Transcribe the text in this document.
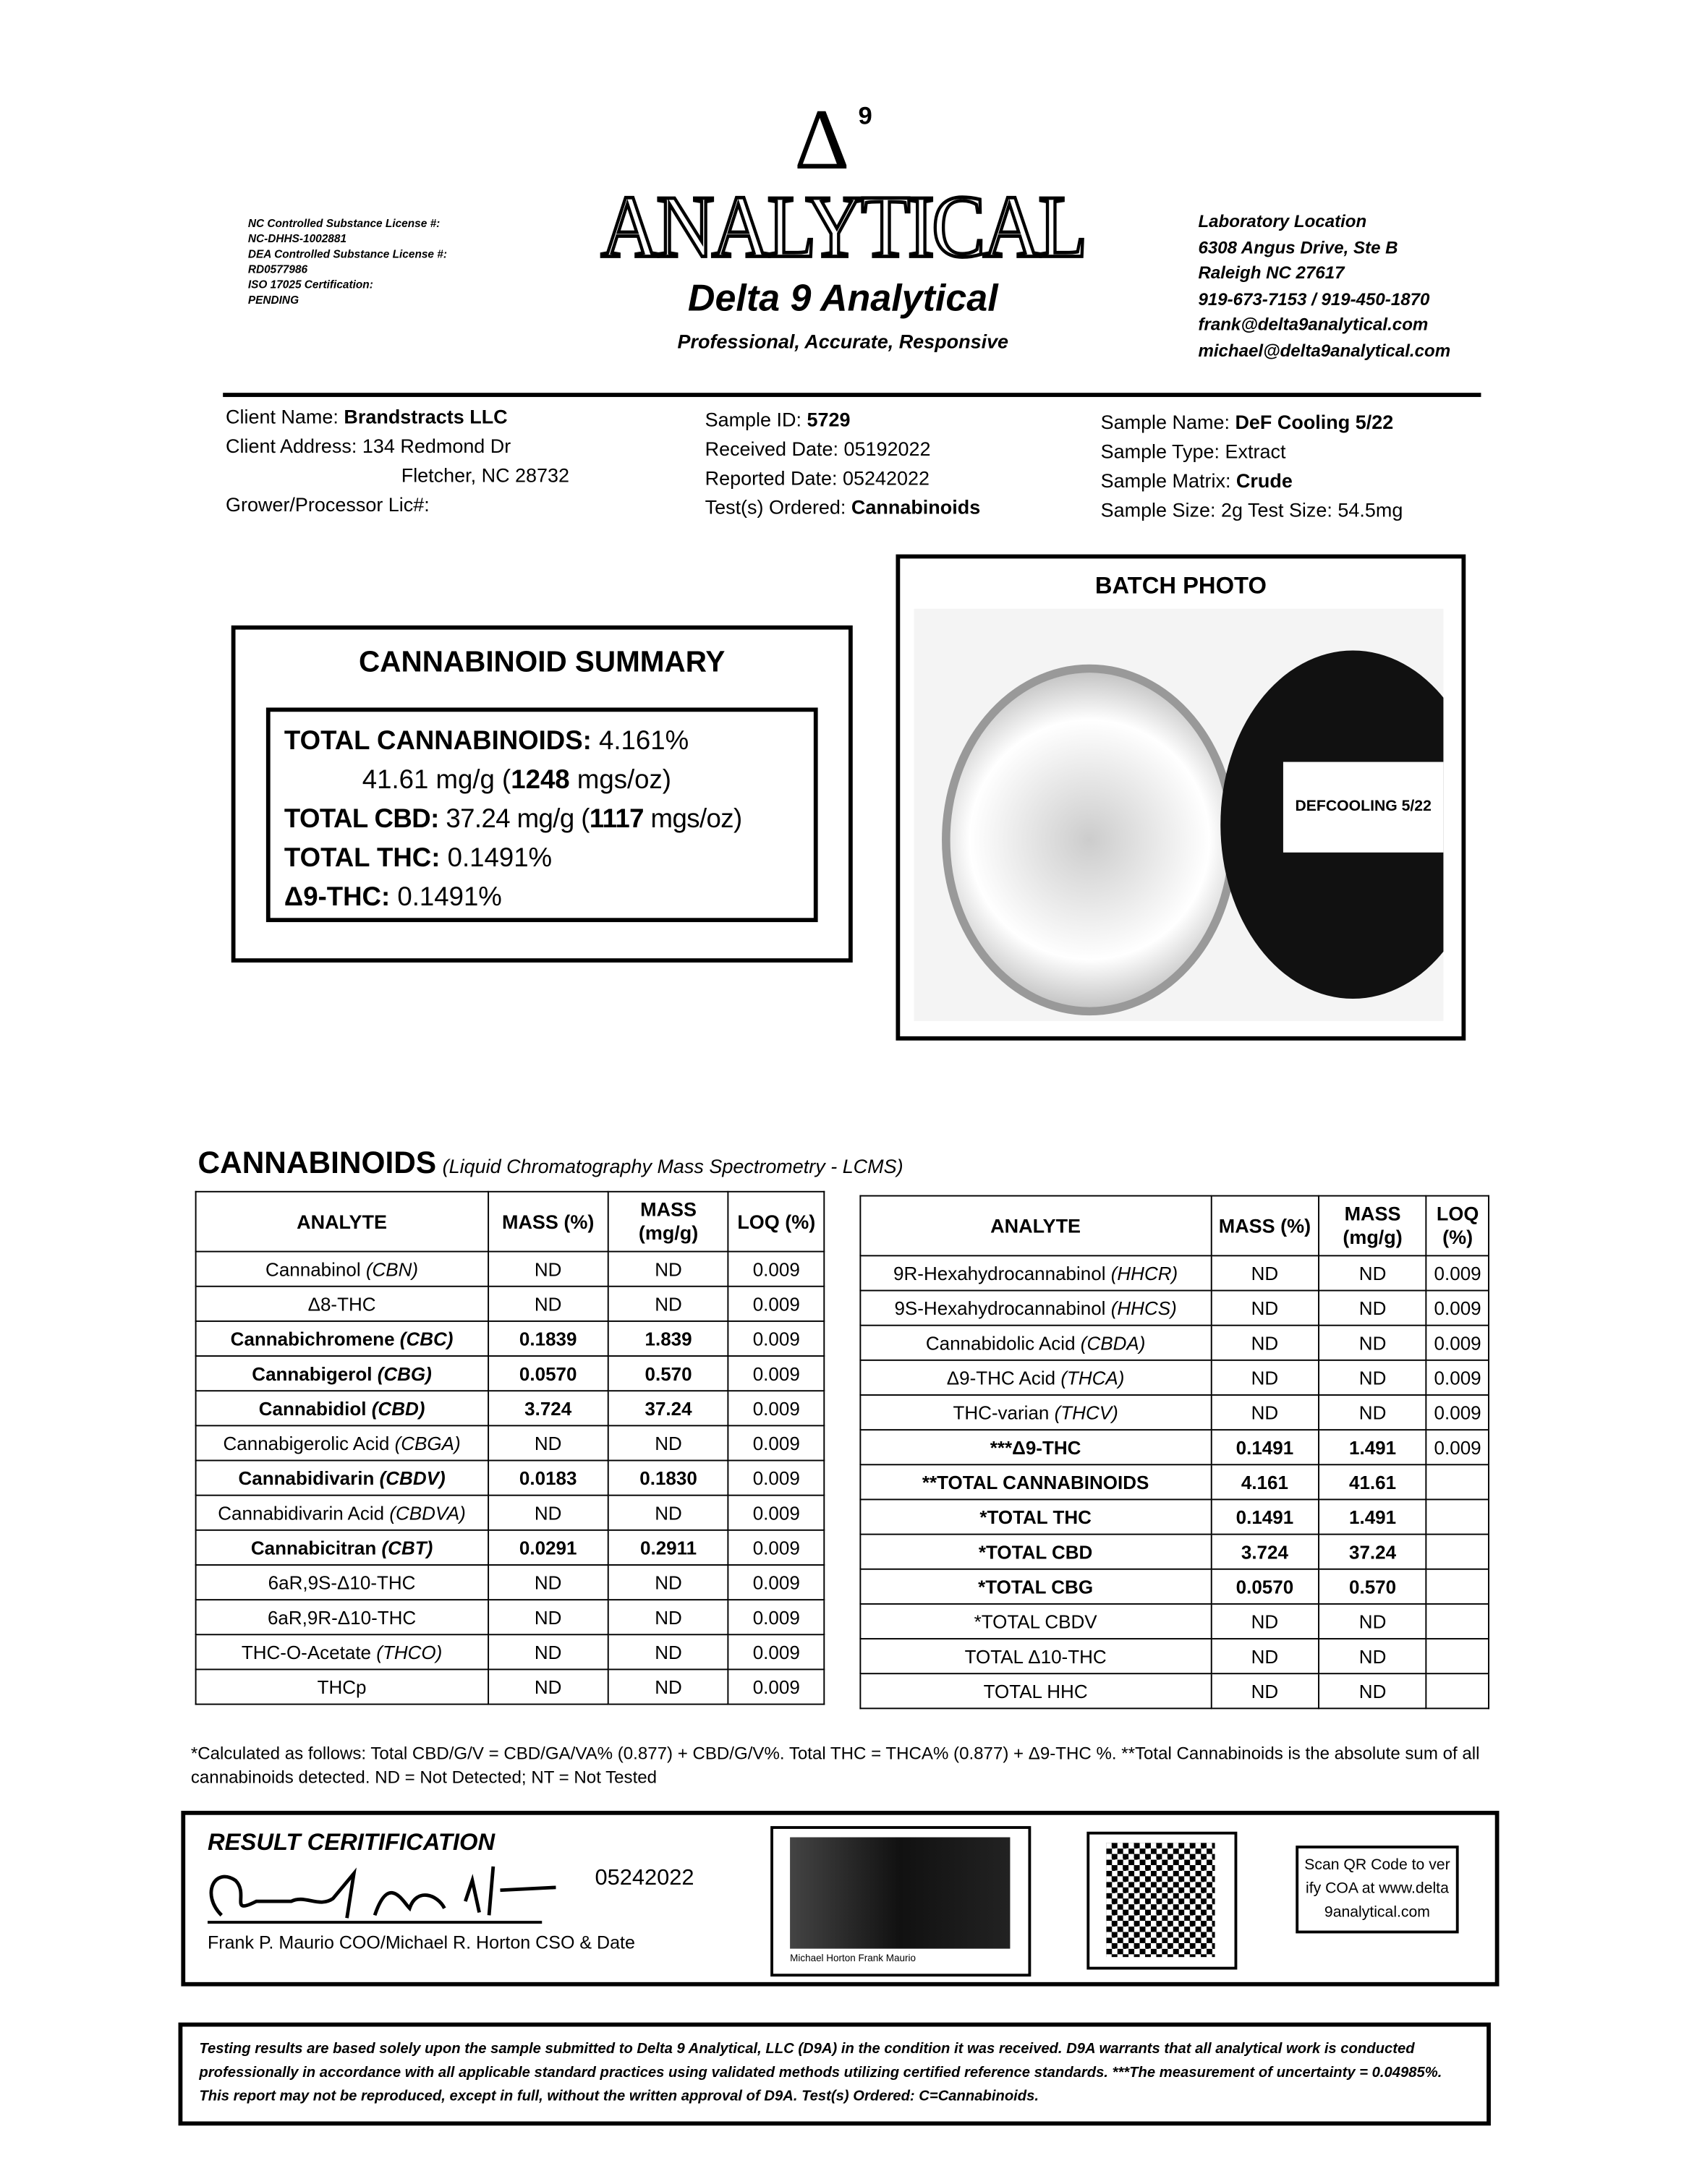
Δ 9
ANALYTICAL
Delta 9 Analytical
Professional, Accurate, Responsive
NC Controlled Substance License #:
NC-DHHS-1002881
DEA Controlled Substance License #:
RD0577986
ISO 17025 Certification:
PENDING
Laboratory Location
6308 Angus Drive, Ste B
Raleigh NC 27617
919-673-7153 / 919-450-1870
frank@delta9analytical.com
michael@delta9analytical.com
Client Name: Brandstracts LLC
Client Address: 134 Redmond Dr
Fletcher, NC 28732
Grower/Processor Lic#:
Sample ID: 5729
Received Date: 05192022
Reported Date: 05242022
Test(s) Ordered: Cannabinoids
Sample Name: DeF Cooling 5/22
Sample Type: Extract
Sample Matrix: Crude
Sample Size: 2g Test Size: 54.5mg
CANNABINOID SUMMARY
TOTAL CANNABINOIDS: 4.161%
41.61 mg/g (1248 mgs/oz)
TOTAL CBD: 37.24 mg/g (1117 mgs/oz)
TOTAL THC: 0.1491%
Δ9-THC: 0.1491%
BATCH PHOTO
DEFCOOLING 5/22
CANNABINOIDS (Liquid Chromatography Mass Spectrometry - LCMS)
ANALYTE	MASS (%)	MASS (mg/g)	LOQ (%)
Cannabinol (CBN)	ND	ND	0.009
Δ8-THC	ND	ND	0.009
Cannabichromene (CBC)	0.1839	1.839	0.009
Cannabigerol (CBG)	0.0570	0.570	0.009
Cannabidiol (CBD)	3.724	37.24	0.009
Cannabigerolic Acid (CBGA)	ND	ND	0.009
Cannabidivarin (CBDV)	0.0183	0.1830	0.009
Cannabidivarin Acid (CBDVA)	ND	ND	0.009
Cannabicitran (CBT)	0.0291	0.2911	0.009
6aR,9S-Δ10-THC	ND	ND	0.009
6aR,9R-Δ10-THC	ND	ND	0.009
THC-O-Acetate (THCO)	ND	ND	0.009
THCp	ND	ND	0.009
ANALYTE	MASS (%)	MASS (mg/g)	LOQ (%)
9R-Hexahydrocannabinol (HHCR)	ND	ND	0.009
9S-Hexahydrocannabinol (HHCS)	ND	ND	0.009
Cannabidolic Acid (CBDA)	ND	ND	0.009
Δ9-THC Acid (THCA)	ND	ND	0.009
THC-varian (THCV)	ND	ND	0.009
***Δ9-THC	0.1491	1.491	0.009
**TOTAL CANNABINOIDS	4.161	41.61	
*TOTAL THC	0.1491	1.491	
*TOTAL CBD	3.724	37.24	
*TOTAL CBG	0.0570	0.570	
*TOTAL CBDV	ND	ND	
TOTAL Δ10-THC	ND	ND	
TOTAL HHC	ND	ND	
*Calculated as follows: Total CBD/G/V = CBD/GA/VA% (0.877) + CBD/G/V%. Total THC = THCA% (0.877) + Δ9-THC %. **Total Cannabinoids is the absolute sum of all cannabinoids detected. ND = Not Detected; NT = Not Tested
RESULT CERITIFICATION
05242022
Frank P. Maurio COO/Michael R. Horton CSO & Date
Michael Horton Frank Maurio
Scan QR Code to verify COA at www.delta9analytical.com
Testing results are based solely upon the sample submitted to Delta 9 Analytical, LLC (D9A) in the condition it was received. D9A warrants that all analytical work is conducted professionally in accordance with all applicable standard practices using validated methods utilizing certified reference standards. ***The measurement of uncertainty = 0.04985%. This report may not be reproduced, except in full, without the written approval of D9A. Test(s) Ordered: C=Cannabinoids.
